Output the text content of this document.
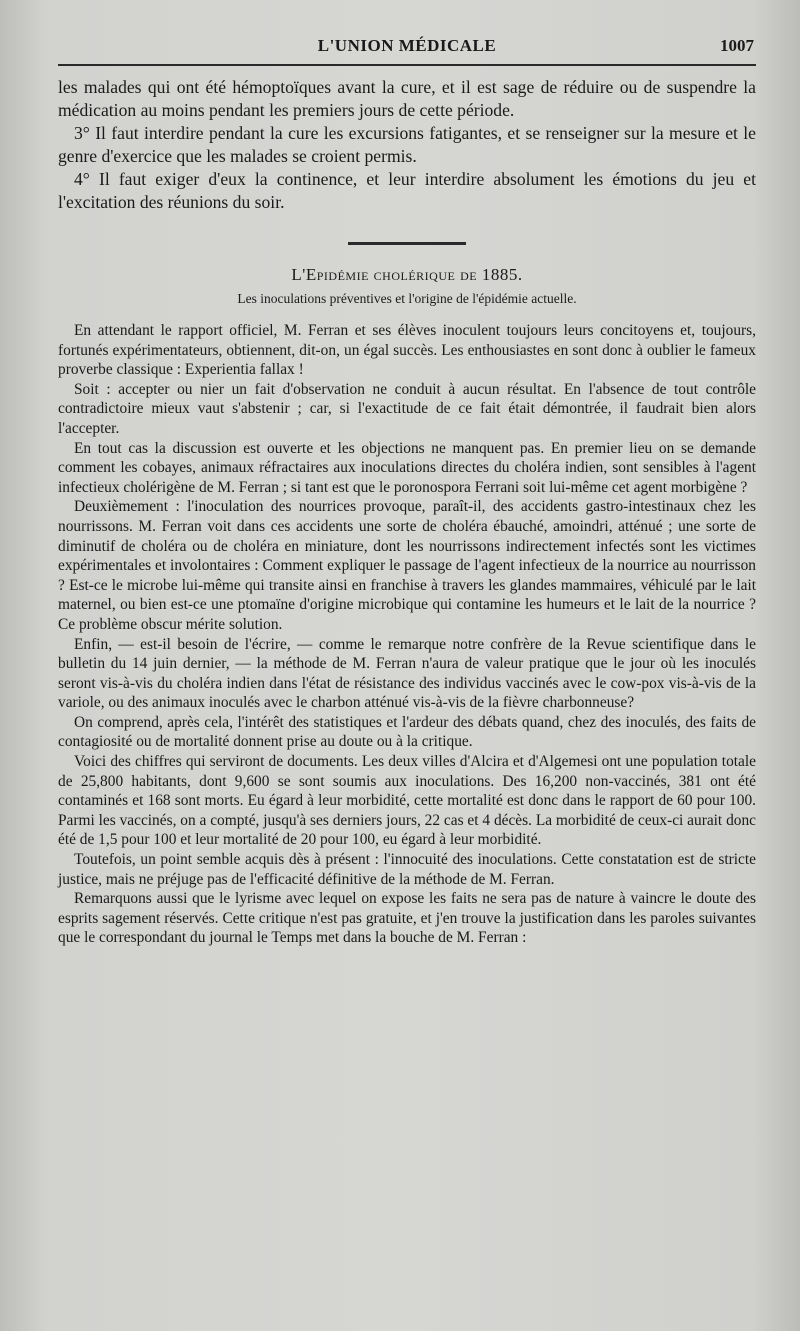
L'UNION MÉDICALE	1007

les malades qui ont été hémoptoïques avant la cure, et il est sage de réduire ou de suspendre la médication au moins pendant les premiers jours de cette période.

3° Il faut interdire pendant la cure les excursions fatigantes, et se renseigner sur la mesure et le genre d'exercice que les malades se croient permis.

4° Il faut exiger d'eux la continence, et leur interdire absolument les émotions du jeu et l'excitation des réunions du soir.

L'Epidémie cholérique de 1885.
Les inoculations préventives et l'origine de l'épidémie actuelle.

En attendant le rapport officiel, M. Ferran et ses élèves inoculent toujours leurs concitoyens et, toujours, fortunés expérimentateurs, obtiennent, dit-on, un égal succès. Les enthousiastes en sont donc à oublier le fameux proverbe classique : Experientia fallax !

Soit : accepter ou nier un fait d'observation ne conduit à aucun résultat. En l'absence de tout contrôle contradictoire mieux vaut s'abstenir ; car, si l'exactitude de ce fait était démontrée, il faudrait bien alors l'accepter.

En tout cas la discussion est ouverte et les objections ne manquent pas. En premier lieu on se demande comment les cobayes, animaux réfractaires aux inoculations directes du choléra indien, sont sensibles à l'agent infectieux cholérigène de M. Ferran ; si tant est que le poronospora Ferrani soit lui-même cet agent morbigène ?

Deuxièmement : l'inoculation des nourrices provoque, paraît-il, des accidents gastro-intestinaux chez les nourrissons. M. Ferran voit dans ces accidents une sorte de choléra ébauché, amoindri, atténué ; une sorte de diminutif de choléra ou de choléra en miniature, dont les nourrissons indirectement infectés sont les victimes expérimentales et involontaires : Comment expliquer le passage de l'agent infectieux de la nourrice au nourrisson ? Est-ce le microbe lui-même qui transite ainsi en franchise à travers les glandes mammaires, véhiculé par le lait maternel, ou bien est-ce une ptomaïne d'origine microbique qui contamine les humeurs et le lait de la nourrice ? Ce problème obscur mérite solution.

Enfin, — est-il besoin de l'écrire, — comme le remarque notre confrère de la Revue scientifique dans le bulletin du 14 juin dernier, — la méthode de M. Ferran n'aura de valeur pratique que le jour où les inoculés seront vis-à-vis du choléra indien dans l'état de résistance des individus vaccinés avec le cow-pox vis-à-vis de la variole, ou des animaux inoculés avec le charbon atténué vis-à-vis de la fièvre charbonneuse?

On comprend, après cela, l'intérêt des statistiques et l'ardeur des débats quand, chez des inoculés, des faits de contagiosité ou de mortalité donnent prise au doute ou à la critique.

Voici des chiffres qui serviront de documents. Les deux villes d'Alcira et d'Algemesi ont une population totale de 25,800 habitants, dont 9,600 se sont soumis aux inoculations. Des 16,200 non-vaccinés, 381 ont été contaminés et 168 sont morts. Eu égard à leur morbidité, cette mortalité est donc dans le rapport de 60 pour 100. Parmi les vaccinés, on a compté, jusqu'à ses derniers jours, 22 cas et 4 décès. La morbidité de ceux-ci aurait donc été de 1,5 pour 100 et leur mortalité de 20 pour 100, eu égard à leur morbidité.

Toutefois, un point semble acquis dès à présent : l'innocuité des inoculations. Cette constatation est de stricte justice, mais ne préjuge pas de l'efficacité définitive de la méthode de M. Ferran.

Remarquons aussi que le lyrisme avec lequel on expose les faits ne sera pas de nature à vaincre le doute des esprits sagement réservés. Cette critique n'est pas gratuite, et j'en trouve la justification dans les paroles suivantes que le correspondant du journal le Temps met dans la bouche de M. Ferran :
